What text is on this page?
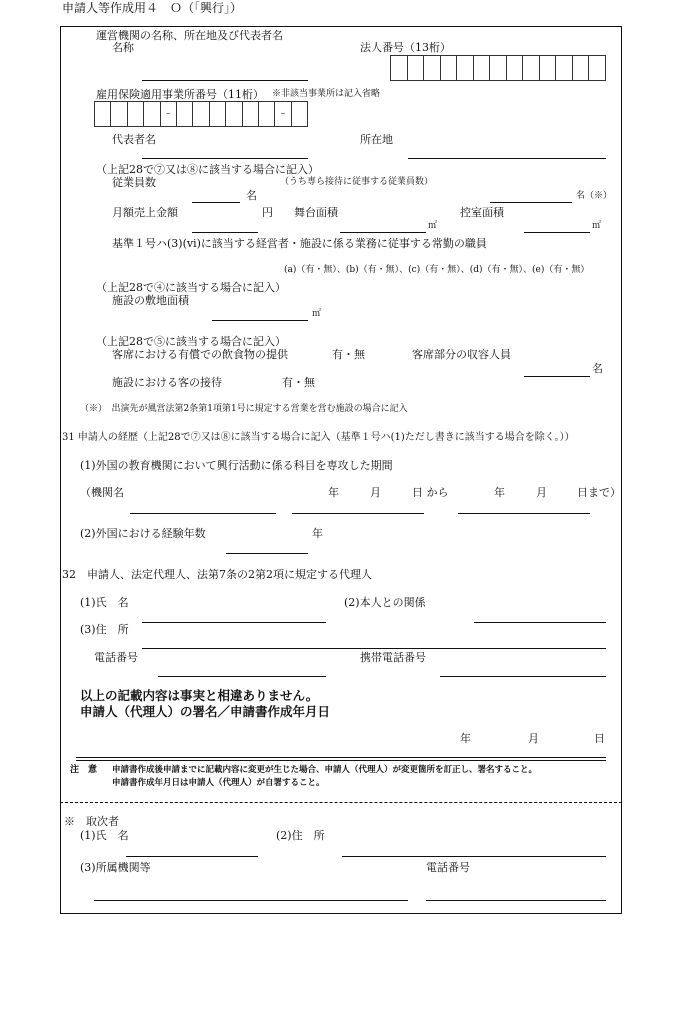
申請人等作成用４　Ｏ（「興行」）
運営機関の名称、所在地及び代表者名
名称	法人番号（13桁）
雇用保険適用事業所番号（11桁） ※非該当事業所は記入省略
–	–
代表者名	所在地
（上記28で⑦又は⑧に該当する場合に記入）
従業員数	（うち専ら接待に従事する従業員数）
名	名（※）
月額売上金額	円 舞台面積
㎡
控室面積
㎡
基準１号ハ(3)(ⅵ)に該当する経営者・施設に係る業務に従事する常勤の職員
(a)（有・無）、(b)（有・無）、(c)（有・無）、(d)（有・無）、(e)（有・無）
（上記28で④に該当する場合に記入）
施設の敷地面積
㎡
（上記28で⑤に該当する場合に記入）
客席における有償での飲食物の提供	有・無	客席部分の収容人員
名
施設における客の接待	有・無
（※）　出演先が風営法第2条第1項第1号に規定する営業を営む施設の場合に記入
31 申請人の経歴（上記28で⑦又は⑧に該当する場合に記入（基準１号ハ(1)ただし書きに該当する場合を除く。））
(1)外国の教育機関において興行活動に係る科目を専攻した期間
（機関名	年	月	日 から	年	月	日まで）
(2)外国における経験年数	年
32　申請人、法定代理人、法第7条の2第2項に規定する代理人
(1)氏　名	(2)本人との関係
(3)住　所
電話番号	携帯電話番号
以上の記載内容は事実と相違ありません。
申請人（代理人）の署名／申請書作成年月日
年	月	日
注　意 申請書作成後申請までに記載内容に変更が生じた場合、申請人（代理人）が変更箇所を訂正し、署名すること。
申請書作成年月日は申請人（代理人）が自署すること。
※　取次者
(1)氏　名	(2)住　所
(3)所属機関等	電話番号
